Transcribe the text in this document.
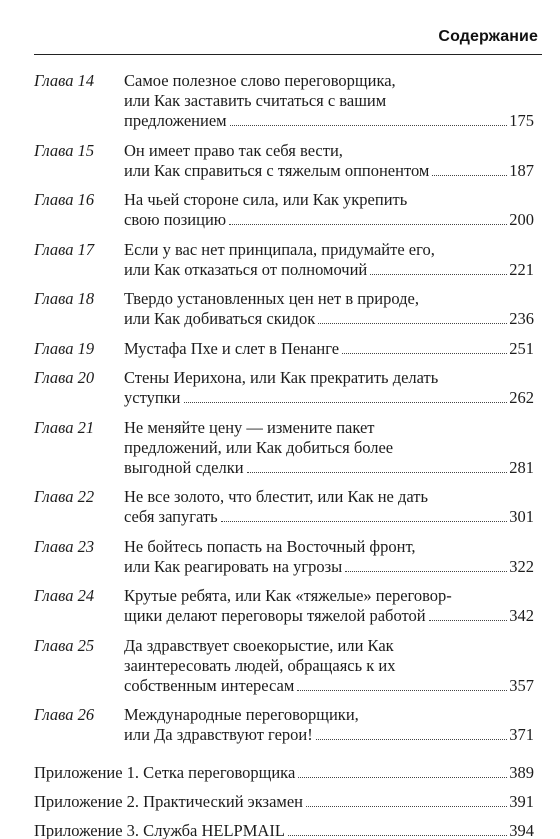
Содержание
Глава 14	Самое полезное слово переговорщика,
или Как заставить считаться с вашим
предложением	175
Глава 15	Он имеет право так себя вести,
или Как справиться с тяжелым оппонентом	187
Глава 16	На чьей стороне сила, или Как укрепить
свою позицию	200
Глава 17	Если у вас нет принципала, придумайте его,
или Как отказаться от полномочий	221
Глава 18	Твердо установленных цен нет в природе,
или Как добиваться скидок	236
Глава 19	Мустафа Пхе и слет в Пенанге	251
Глава 20	Стены Иерихона, или Как прекратить делать
уступки	262
Глава 21	Не меняйте цену — измените пакет
предложений, или Как добиться более
выгодной сделки	281
Глава 22	Не все золото, что блестит, или Как не дать
себя запугать	301
Глава 23	Не бойтесь попасть на Восточный фронт,
или Как реагировать на угрозы	322
Глава 24	Крутые ребята, или Как «тяжелые» переговор-
щики делают переговоры тяжелой работой	342
Глава 25	Да здравствует своекорыстие, или Как
заинтересовать людей, обращаясь к их
собственным интересам	357
Глава 26	Международные переговорщики,
или Да здравствуют герои!	371
Приложение 1. Сетка переговорщика	389
Приложение 2. Практический экзамен	391
Приложение 3. Служба HELPMAIL	394
